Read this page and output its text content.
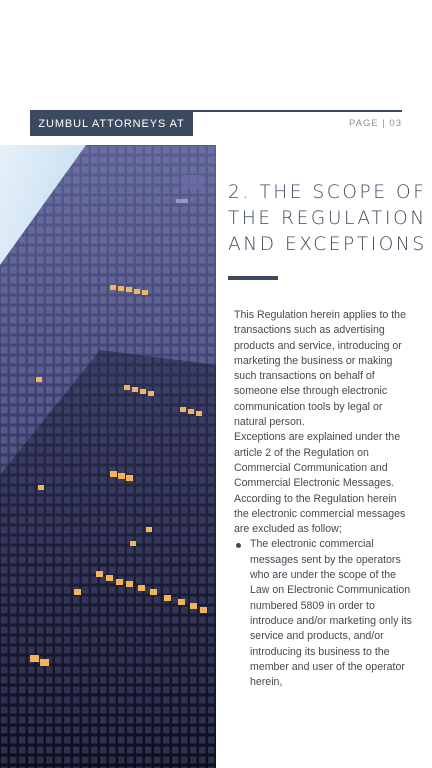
ZUMBUL ATTORNEYS AT	PAGE | 03
2. THE SCOPE OF
THE REGULATION
AND EXCEPTIONS

This Regulation herein applies to the transactions such as advertising products and service, introducing or marketing the business or making such transactions on behalf of someone else through electronic communication tools by legal or natural person.

Exceptions are explained under the article 2 of the Regulation on Commercial Communication and Commercial Electronic Messages.

According to the Regulation herein the electronic commercial messages are excluded as follow;

The electronic commercial messages sent by the operators who are under the scope of the Law on Electronic Communication numbered 5809 in order to introduce and/or marketing only its service and products, and/or introducing its business to the member and user of the operator herein,
